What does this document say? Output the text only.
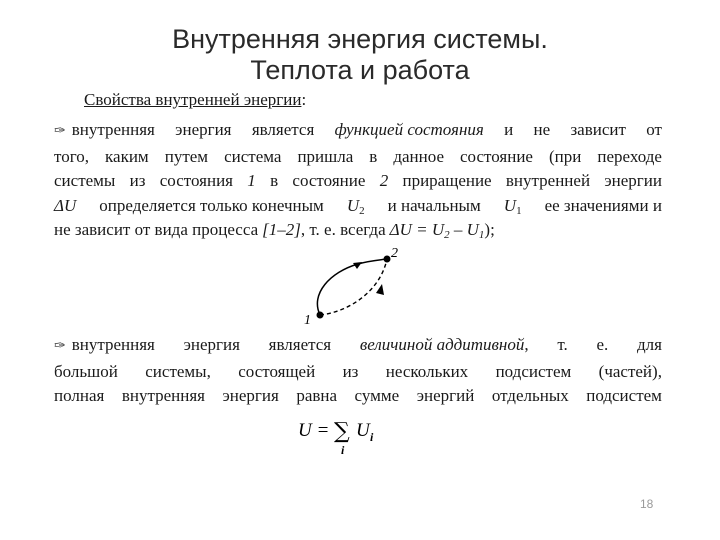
Внутренняя энергия системы.
Теплота и работа
Свойства внутренней энергии:
✑ внутренняя энергия является функцией состояния и не зависит от
того, каким путем система пришла в данное состояние (при переходе
системы из состояния 1 в состояние 2 приращение внутренней энергии
ΔU определяется только конечным $U_2$ и начальным $U_1$ ее значениями и
не зависит от вида процесса [1–2] , т. е. всегда $\Delta U = U_2 - U_1$);
2
1
✑ внутренняя энергия является величиной аддитивной, т. е. для
большой системы, состоящей из нескольких подсистем (частей),
полная внутренняя энергия равна сумме энергий отдельных подсистем
U = ∑
i
U i
18
